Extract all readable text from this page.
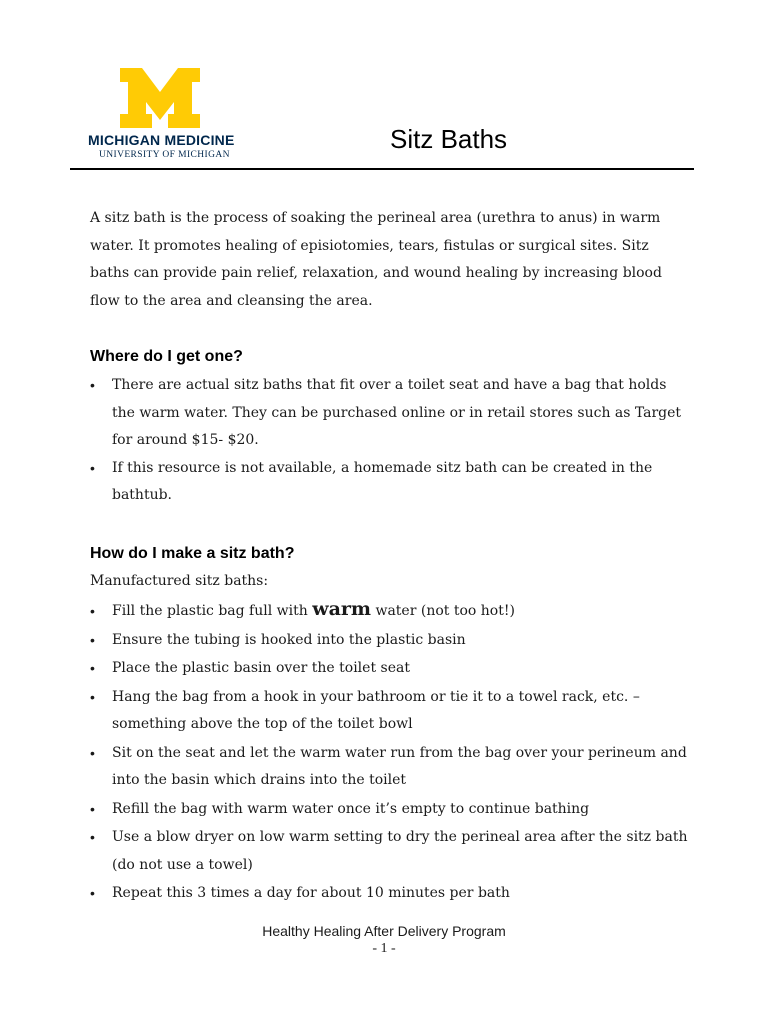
MICHIGAN MEDICINE
UNIVERSITY OF MICHIGAN
Sitz Baths

A sitz bath is the process of soaking the perineal area (urethra to anus) in warm water. It promotes healing of episiotomies, tears, fistulas or surgical sites. Sitz baths can provide pain relief, relaxation, and wound healing by increasing blood flow to the area and cleansing the area.

Where do I get one?
• There are actual sitz baths that fit over a toilet seat and have a bag that holds the warm water. They can be purchased online or in retail stores such as Target for around $15- $20.
• If this resource is not available, a homemade sitz bath can be created in the bathtub.
How do I make a sitz bath?

Manufactured sitz baths:

• Fill the plastic bag full with warm water (not too hot!)
• Ensure the tubing is hooked into the plastic basin
• Place the plastic basin over the toilet seat
• Hang the bag from a hook in your bathroom or tie it to a towel rack, etc. – something above the top of the toilet bowl
• Sit on the seat and let the warm water run from the bag over your perineum and into the basin which drains into the toilet
• Refill the bag with warm water once it’s empty to continue bathing
• Use a blow dryer on low warm setting to dry the perineal area after the sitz bath (do not use a towel)
• Repeat this 3 times a day for about 10 minutes per bath
Healthy Healing After Delivery Program
- 1 -
